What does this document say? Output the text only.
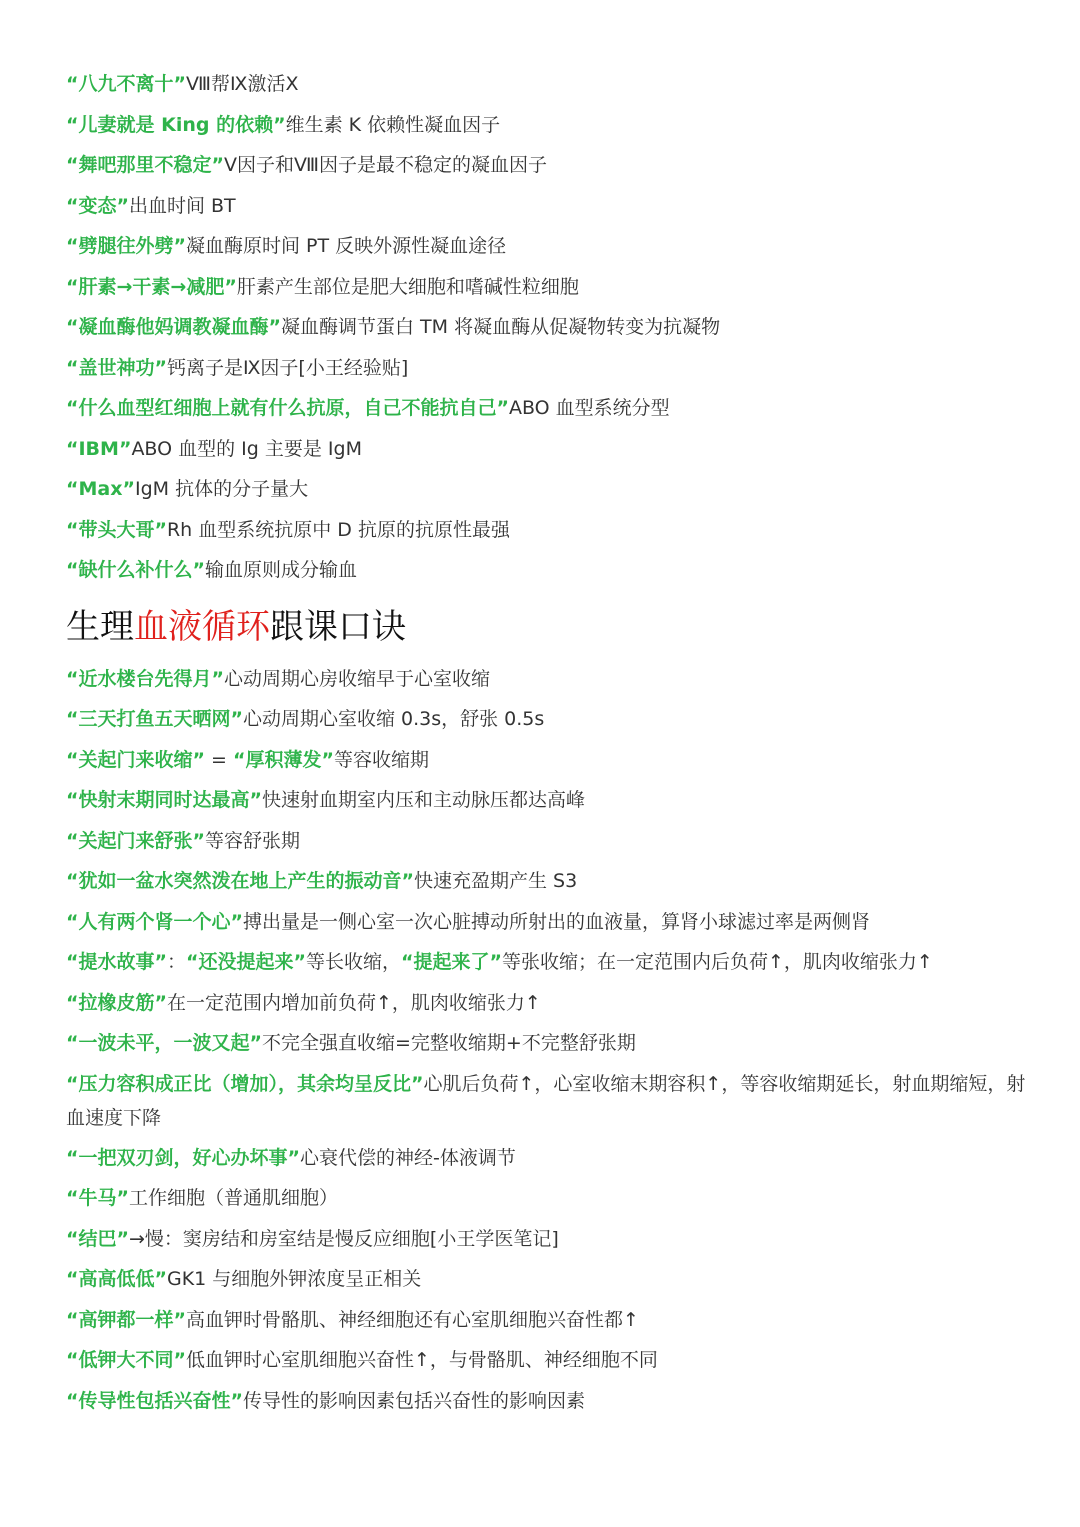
“八九不离十”Ⅷ帮Ⅸ激活Ⅹ
“儿妻就是 King 的依赖”维生素 K 依赖性凝血因子
“舞吧那里不稳定”Ⅴ因子和Ⅷ因子是最不稳定的凝血因子
“变态”出血时间 BT
“劈腿往外劈”凝血酶原时间 PT 反映外源性凝血途径
“肝素→干素→减肥”肝素产生部位是肥大细胞和嗜碱性粒细胞
“凝血酶他妈调教凝血酶”凝血酶调节蛋白 TM 将凝血酶从促凝物转变为抗凝物
“盖世神功”钙离子是Ⅸ因子[小王经验贴]
“什么血型红细胞上就有什么抗原，自己不能抗自己”ABO 血型系统分型
“IBM”ABO 血型的 Ig 主要是 IgM
“Max”IgM 抗体的分子量大
“带头大哥”Rh 血型系统抗原中 D 抗原的抗原性最强
“缺什么补什么”输血原则成分输血
生理血液循环跟课口诀
“近水楼台先得月”心动周期心房收缩早于心室收缩
“三天打鱼五天晒网”心动周期心室收缩 0.3s，舒张 0.5s
“关起门来收缩” = “厚积薄发”等容收缩期
“快射末期同时达最高”快速射血期室内压和主动脉压都达高峰
“关起门来舒张”等容舒张期
“犹如一盆水突然泼在地上产生的振动音”快速充盈期产生 S3
“人有两个肾一个心”搏出量是一侧心室一次心脏搏动所射出的血液量，算肾小球滤过率是两侧肾
“提水故事”：“还没提起来”等长收缩，“提起来了”等张收缩；在一定范围内后负荷↑，肌肉收缩张力↑
“拉橡皮筋”在一定范围内增加前负荷↑，肌肉收缩张力↑
“一波未平，一波又起”不完全强直收缩=完整收缩期+不完整舒张期
“压力容积成正比（增加），其余均呈反比”心肌后负荷↑，心室收缩末期容积↑，等容收缩期延长，射血期缩短，射血速度下降
“一把双刃剑，好心办坏事”心衰代偿的神经-体液调节
“牛马”工作细胞（普通肌细胞）
“结巴”→慢：窦房结和房室结是慢反应细胞[小王学医笔记]
“高高低低”GK1 与细胞外钾浓度呈正相关
“高钾都一样”高血钾时骨骼肌、神经细胞还有心室肌细胞兴奋性都↑
“低钾大不同”低血钾时心室肌细胞兴奋性↑，与骨骼肌、神经细胞不同
“传导性包括兴奋性”传导性的影响因素包括兴奋性的影响因素
